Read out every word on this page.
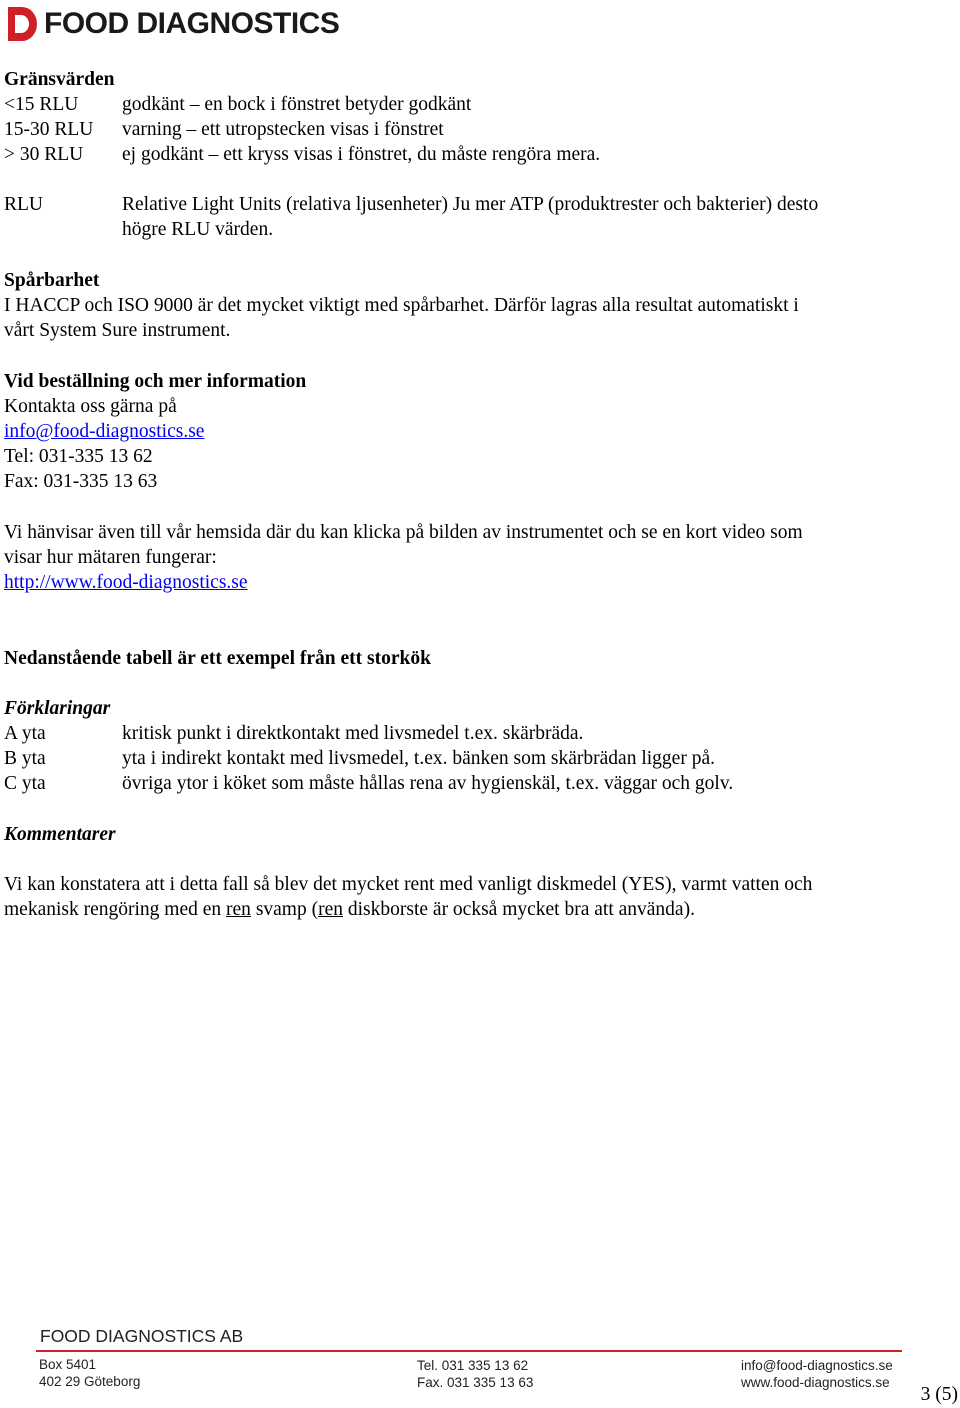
FOOD DIAGNOSTICS
Gränsvärden
<15 RLU godkänt – en bock i fönstret betyder godkänt
15-30 RLU varning – ett utropstecken visas i fönstret
> 30 RLU ej godkänt – ett kryss visas i fönstret, du måste rengöra mera.
RLU	Relative Light Units (relativa ljusenheter) Ju mer ATP (produktrester och bakterier) desto
högre RLU värden.
Spårbarhet
I HACCP och ISO 9000 är det mycket viktigt med spårbarhet. Därför lagras alla resultat automatiskt i
vårt System Sure instrument.
Vid beställning och mer information
Kontakta oss gärna på
info@food-diagnostics.se
Tel: 031-335 13 62
Fax: 031-335 13 63
Vi hänvisar även till vår hemsida där du kan klicka på bilden av instrumentet och se en kort video som
visar hur mätaren fungerar:
http://www.food-diagnostics.se
Nedanstående tabell är ett exempel från ett storkök
Förklaringar
A yta	kritisk punkt i direktkontakt med livsmedel t.ex. skärbräda.
B yta	yta i indirekt kontakt med livsmedel, t.ex. bänken som skärbrädan ligger på.
C yta	övriga ytor i köket som måste hållas rena av hygienskäl, t.ex. väggar och golv.
Kommentarer
Vi kan konstatera att i detta fall så blev det mycket rent med vanligt diskmedel (YES), varmt vatten och
mekanisk rengöring med en ren svamp (ren diskborste är också mycket bra att använda).
FOOD DIAGNOSTICS AB
Box 5401
402 29 Göteborg
Tel. 031 335 13 62
Fax. 031 335 13 63
info@food-diagnostics.se
www.food-diagnostics.se
3 (5)
